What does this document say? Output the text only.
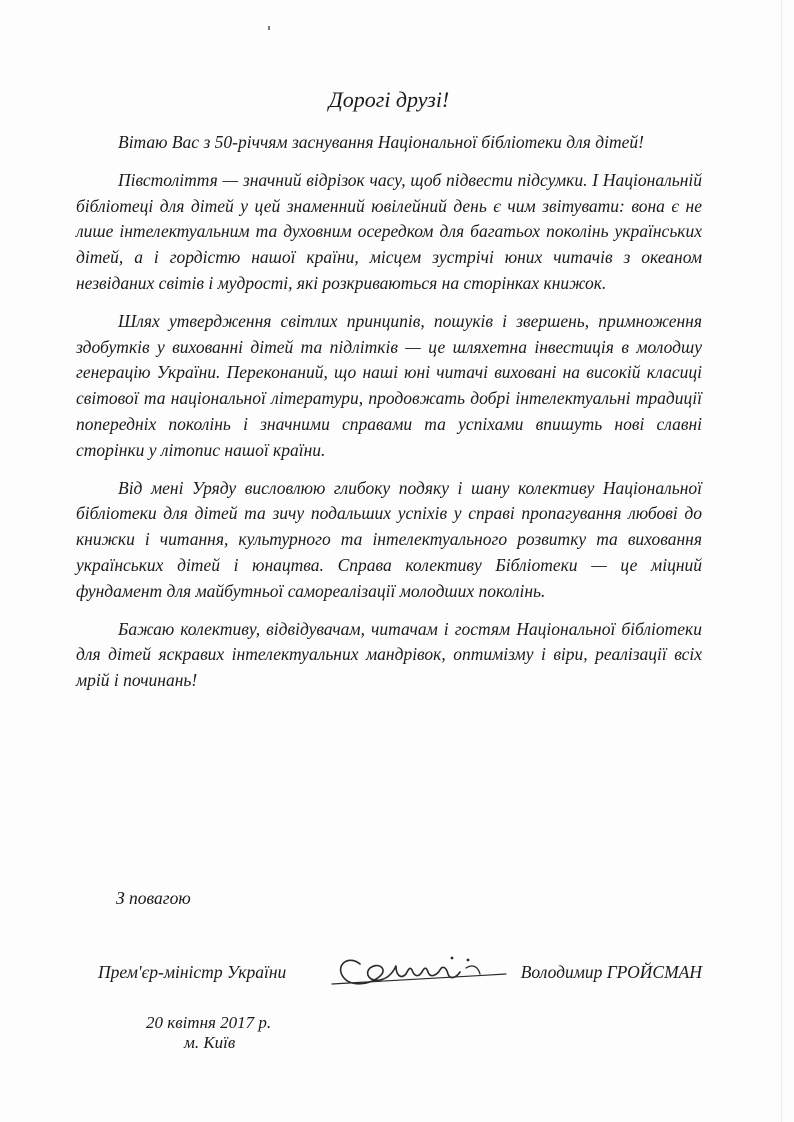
Дорогі друзі!

Вітаю Вас з 50-річчям заснування Національної бібліотеки для дітей!

Півстоліття — значний відрізок часу, щоб підвести підсумки. І Національній бібліотеці для дітей у цей знаменний ювілейний день є чим звітувати: вона є не лише інтелектуальним та духовним осередком для багатьох поколінь українських дітей, а і гордістю нашої країни, місцем зустрічі юних читачів з океаном незвіданих світів і мудрості, які розкриваються на сторінках книжок.

Шлях утвердження світлих принципів, пошуків і звершень, примноження здобутків у вихованні дітей та підлітків — це шляхетна інвестиція в молодшу генерацію України. Переконаний, що наші юні читачі виховані на високій класиці світової та національної літератури, продовжать добрі інтелектуальні традиції попередніх поколінь і значними справами та успіхами впишуть нові славні сторінки у літопис нашої країни.

Від мені Уряду висловлюю глибоку подяку і шану колективу Національної бібліотеки для дітей та зичу подальших успіхів у справі пропагування любові до книжки і читання, культурного та інтелектуального розвитку та виховання українських дітей і юнацтва. Справа колективу Бібліотеки — це міцний фундамент для майбутньої самореалізації молодших поколінь.

Бажаю колективу, відвідувачам, читачам і гостям Національної бібліотеки для дітей яскравих інтелектуальних мандрівок, оптимізму і віри, реалізації всіх мрій і починань!

З повагою
Прем'єр-міністр України	Володимир ГРОЙСМАН
20 квітня 2017 р.
м. Київ
